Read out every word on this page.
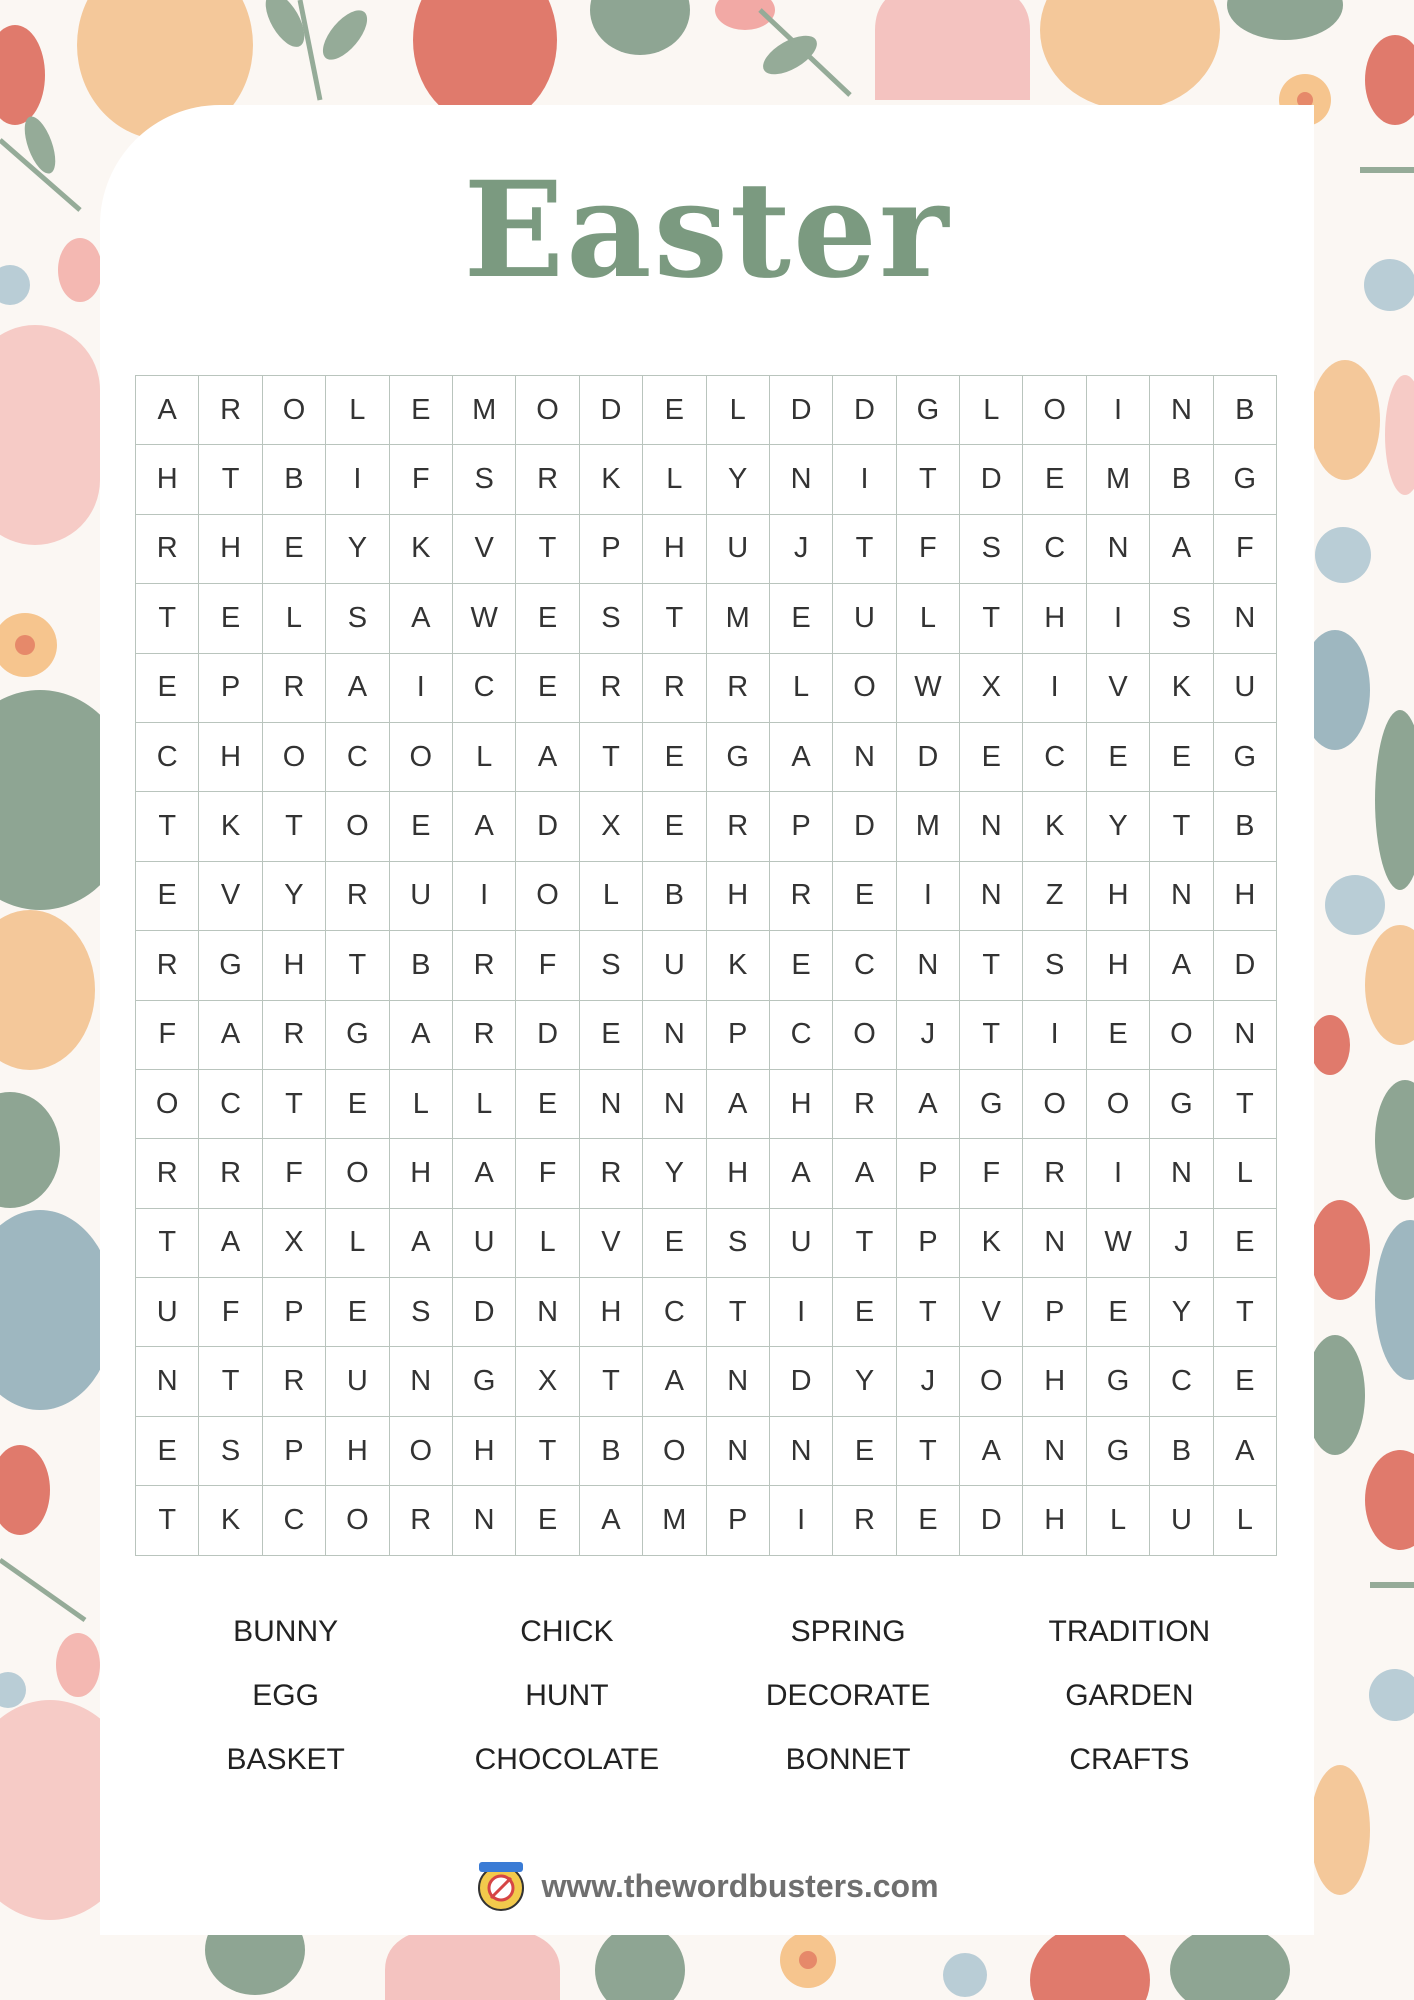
Easter
A	R	O	L	E	M	O	D	E	L	D	D	G	L	O	I	N	B
H	T	B	I	F	S	R	K	L	Y	N	I	T	D	E	M	B	G
R	H	E	Y	K	V	T	P	H	U	J	T	F	S	C	N	A	F
T	E	L	S	A	W	E	S	T	M	E	U	L	T	H	I	S	N
E	P	R	A	I	C	E	R	R	R	L	O	W	X	I	V	K	U
C	H	O	C	O	L	A	T	E	G	A	N	D	E	C	E	E	G
T	K	T	O	E	A	D	X	E	R	P	D	M	N	K	Y	T	B
E	V	Y	R	U	I	O	L	B	H	R	E	I	N	Z	H	N	H
R	G	H	T	B	R	F	S	U	K	E	C	N	T	S	H	A	D
F	A	R	G	A	R	D	E	N	P	C	O	J	T	I	E	O	N
O	C	T	E	L	L	E	N	N	A	H	R	A	G	O	O	G	T
R	R	F	O	H	A	F	R	Y	H	A	A	P	F	R	I	N	L
T	A	X	L	A	U	L	V	E	S	U	T	P	K	N	W	J	E
U	F	P	E	S	D	N	H	C	T	I	E	T	V	P	E	Y	T
N	T	R	U	N	G	X	T	A	N	D	Y	J	O	H	G	C	E
E	S	P	H	O	H	T	B	O	N	N	E	T	A	N	G	B	A
T	K	C	O	R	N	E	A	M	P	I	R	E	D	H	L	U	L
BUNNY	CHICK	SPRING	TRADITION
EGG	HUNT	DECORATE	GARDEN
BASKET	CHOCOLATE	BONNET	CRAFTS
www.thewordbusters.com
